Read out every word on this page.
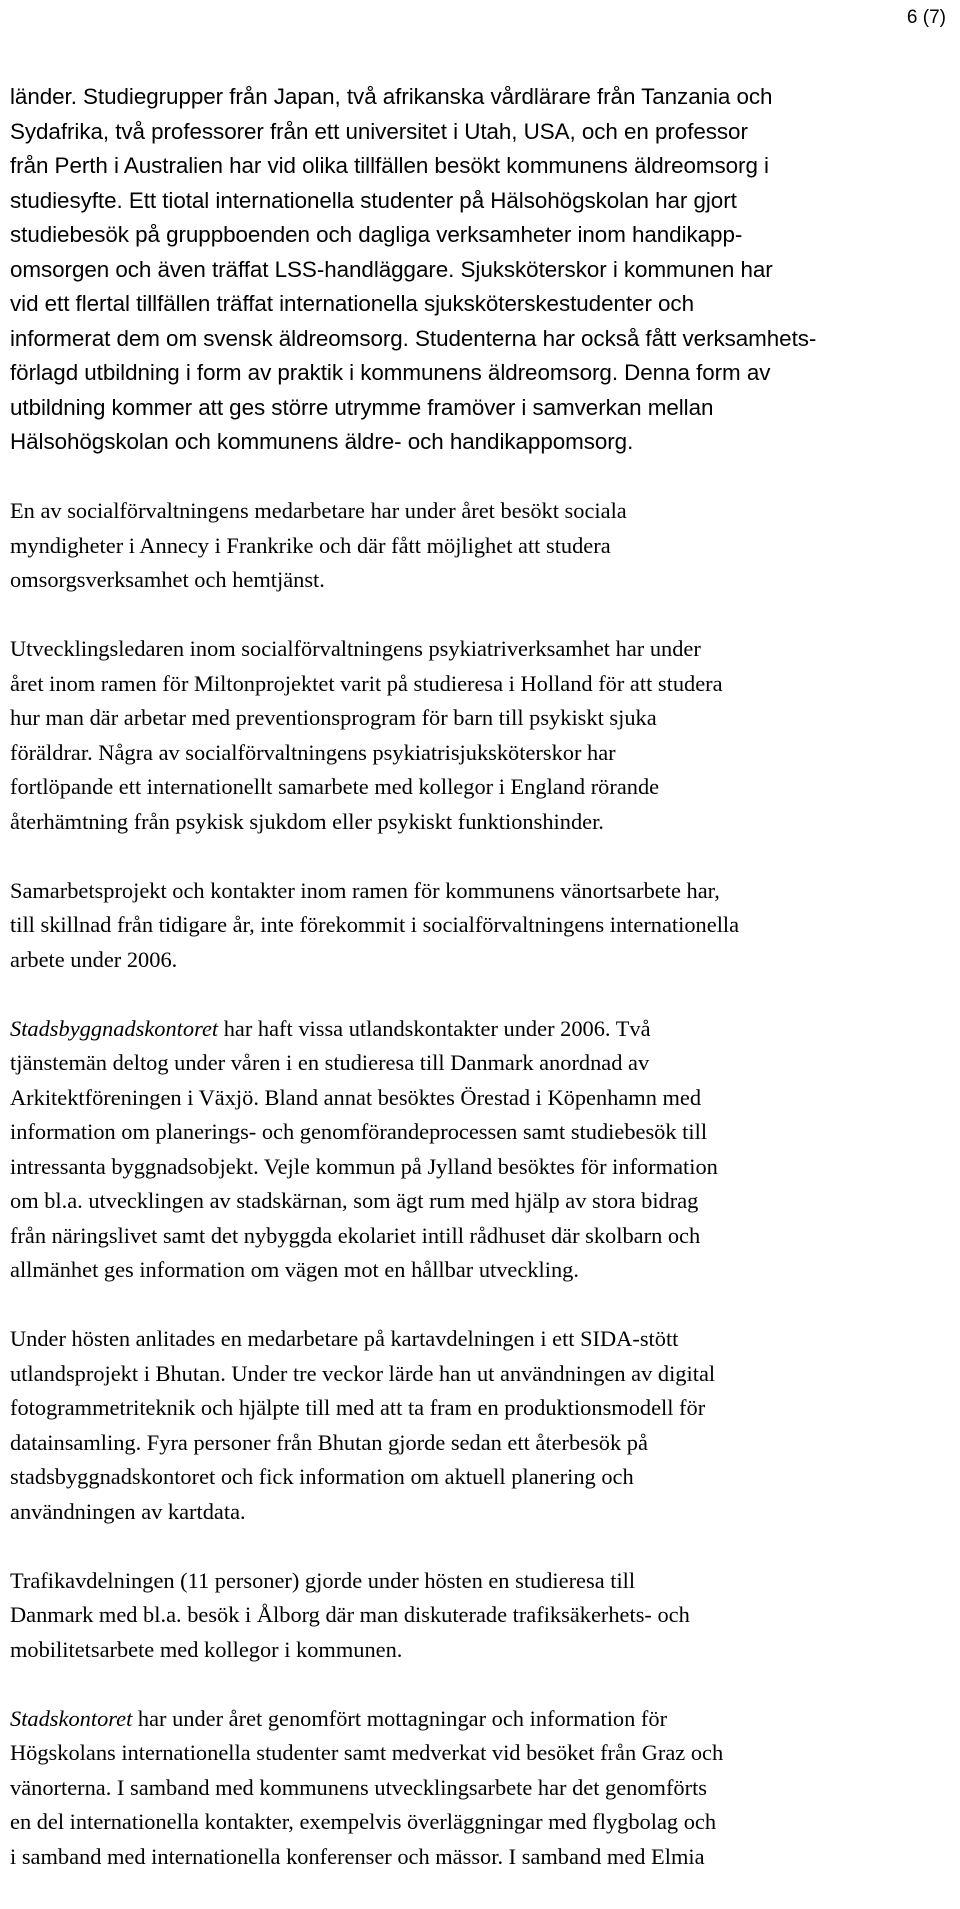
6 (7)
länder. Studiegrupper från Japan, två afrikanska vårdlärare från Tanzania och
Sydafrika, två professorer från ett universitet i Utah, USA, och en professor
från Perth i Australien har vid olika tillfällen besökt kommunens äldreomsorg i
studiesyfte. Ett tiotal internationella studenter på Hälsohögskolan har gjort
studiebesök på gruppboenden och dagliga verksamheter inom handikapp-
omsorgen och även träffat LSS-handläggare. Sjuksköterskor i kommunen har
vid ett flertal tillfällen träffat internationella sjuksköterskestudenter och
informerat dem om svensk äldreomsorg. Studenterna har också fått verksamhets-
förlagd utbildning i form av praktik i kommunens äldreomsorg. Denna form av
utbildning kommer att ges större utrymme framöver i samverkan mellan
Hälsohögskolan och kommunens äldre- och handikappomsorg.
En av socialförvaltningens medarbetare har under året besökt sociala
myndigheter i Annecy i Frankrike och där fått möjlighet att studera
omsorgsverksamhet och hemtjänst.
Utvecklingsledaren inom socialförvaltningens psykiatriverksamhet har under
året inom ramen för Miltonprojektet varit på studieresa i Holland för att studera
hur man där arbetar med preventionsprogram för barn till psykiskt sjuka
föräldrar. Några av socialförvaltningens psykiatrisjuksköterskor har
fortlöpande ett internationellt samarbete med kollegor i England rörande
återhämtning från psykisk sjukdom eller psykiskt funktionshinder.
Samarbetsprojekt och kontakter inom ramen för kommunens vänortsarbete har,
till skillnad från tidigare år, inte förekommit i socialförvaltningens internationella
arbete under 2006.
Stadsbyggnadskontoret har haft vissa utlandskontakter under 2006. Två
tjänstemän deltog under våren i en studieresa till Danmark anordnad av
Arkitektföreningen i Växjö. Bland annat besöktes Örestad i Köpenhamn med
information om planerings- och genomförandeprocessen samt studiebesök till
intressanta byggnadsobjekt. Vejle kommun på Jylland besöktes för information
om bl.a. utvecklingen av stadskärnan, som ägt rum med hjälp av stora bidrag
från näringslivet samt det nybyggda ekolariet intill rådhuset där skolbarn och
allmänhet ges information om vägen mot en hållbar utveckling.
Under hösten anlitades en medarbetare på kartavdelningen i ett SIDA-stött
utlandsprojekt i Bhutan. Under tre veckor lärde han ut användningen av digital
fotogrammetriteknik och hjälpte till med att ta fram en produktionsmodell för
datainsamling. Fyra personer från Bhutan gjorde sedan ett återbesök på
stadsbyggnadskontoret och fick information om aktuell planering och
användningen av kartdata.
Trafikavdelningen (11 personer) gjorde under hösten en studieresa till
Danmark med bl.a. besök i Ålborg där man diskuterade trafiksäkerhets- och
mobilitetsarbete med kollegor i kommunen.
Stadskontoret har under året genomfört mottagningar och information för
Högskolans internationella studenter samt medverkat vid besöket från Graz och
vänorterna. I samband med kommunens utvecklingsarbete har det genomförts
en del internationella kontakter, exempelvis överläggningar med flygbolag och
i samband med internationella konferenser och mässor. I samband med Elmia
